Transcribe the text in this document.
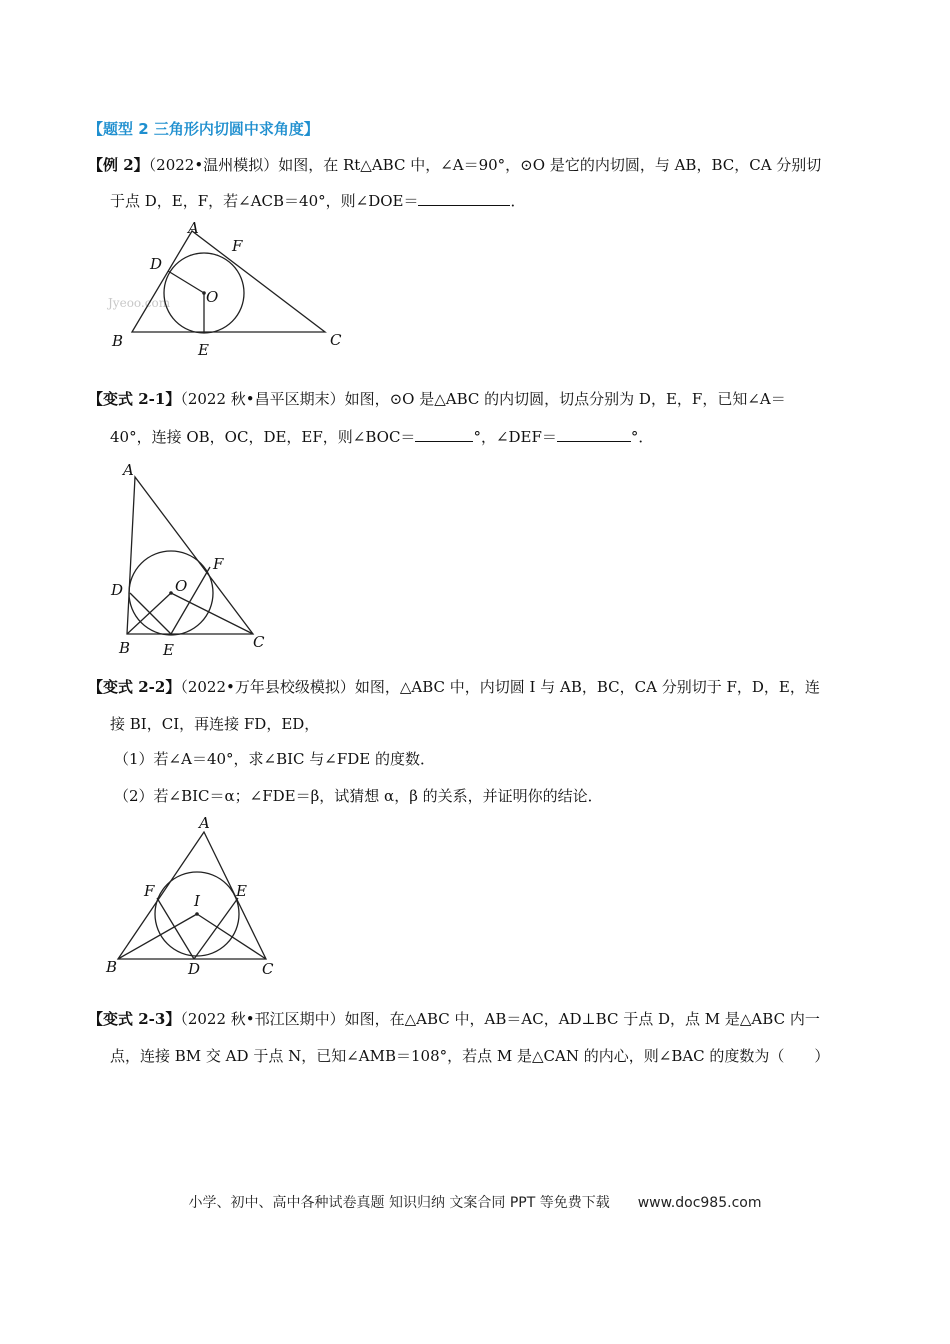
【题型 2 三角形内切圆中求角度】
【例 2】（2022•温州模拟）如图，在 Rt△ABC 中，∠A＝90°，⊙O 是它的内切圆，与 AB，BC，CA 分别切
于点 D，E，F，若∠ACB＝40°，则∠DOE＝	．
Jyeoo.com
A
F
D
O
B	E
C
【变式 2-1】（2022 秋•昌平区期末）如图，⊙O 是△ABC 的内切圆，切点分别为 D，E，F，已知∠A＝
40°，连接 OB，OC，DE，EF，则∠BOC＝	°，∠DEF＝	°．
A
F
D	O
B E	C
【变式 2-2】（2022•万年县校级模拟）如图，△ABC 中，内切圆 I 与 AB，BC，CA 分别切于 F，D，E，连
接 BI，CI，再连接 FD，ED，
（1）若∠A＝40°，求∠BIC 与∠FDE 的度数．
（2）若∠BIC＝α；∠FDE＝β，试猜想 α，β 的关系，并证明你的结论．
A
F	E
I
B	D	C
【变式 2-3】（2022 秋•邗江区期中）如图，在△ABC 中，AB＝AC，AD⊥BC 于点 D，点 M 是△ABC 内一
点，连接 BM 交 AD 于点 N，已知∠AMB＝108°，若点 M 是△CAN 的内心，则∠BAC 的度数为（　　）
小学、初中、高中各种试卷真题 知识归纳 文案合同 PPT 等免费下载　　www.doc985.com
